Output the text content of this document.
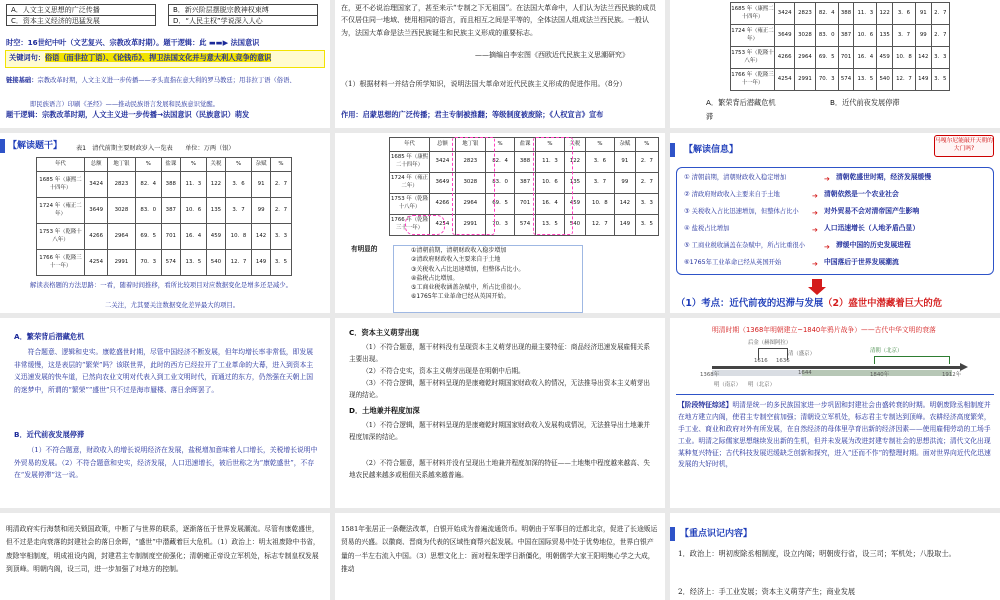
A．人文主义思想的广泛传播
C．资本主义经济的迅猛发展
B．新兴阶层摆脱宗教神权束缚
D．“人民主权”学说深入人心
时空：16世纪中叶（文艺复兴、宗教改革时期）。题干逻辑：此 ▬▬▶ 法国意识
关键词句：俗语（而非拉丁语）、《论钱币》、捍卫法国文化并与意大利人竞争的意识
链接基础：宗教改革时期，人文主义进一步传播——矛头直指在意大利的罗马教廷；用非拉丁语（俗语、
即民族语言）印刷《圣经》——推动民族语言发展和民族意识觉醒。
题干逻辑：宗教改革时期，人文主义进一步传播→法国意识（民族意识）萌发
在，更不必说治理国家了，甚至来示“专制之下无祖国”。在法国大革命中，人们认为法兰西民族的成员不仅居住同一地域、使用相同的语言，而且相互之间是平等的，全体法国人组成法兰西民族。一般认为，法国大革命是法兰西民族诞生和民族主义形成的重要标志。
——摘编自李宏图《西欧近代民族主义思潮研究》
（1）根据材料一并结合所学知识，说明法国大革命对近代民族主义形成的促进作用。（8分）
作用：启蒙思想的广泛传播；君主专制被推翻；等级制度被废除；《人权宣言》宣布
1685 年（康熙二十四年）	3424	2823	82．4	388	11．3	122	3．6	91	2．7
1724 年（雍正二年）	3649	3028	83．0	387	10．6	135	3．7	99	2．7
1753 年（乾隆十八年）	4266	2964	69．5	701	16．4	459	10．8	142	3．3
1766 年（乾隆三十一年）	4254	2991	70．3	574	13．5	540	12．7	149	3．5
A．繁荣背后潜藏危机	B．近代前夜发展停滞
滞
【解读题干】 表1　清代前期主要财政岁入一览表　　单位：万两（银）
年代	总额	地丁银	%	盐课	%	关税	%	杂赋	%
1685 年（康熙二十四年）	3424	2823	82．4	388	11．3	122	3．6	91	2．7
1724 年（雍正二年）	3649	3028	83．0	387	10．6	135	3．7	99	2．7
1753 年（乾隆十八年）	4266	2964	69．5	701	16．4	459	10．8	142	3．3
1766 年（乾隆三十一年）	4254	2991	70．3	574	13．5	540	12．7	149	3．5
解读表格题的方法思路：一看，随着时间推移，看所比较项目对应数据变化是增多还是减少。
二关注，尤其要关注数据变化差异最大的项目。
年代	总额	地丁银	%	盐课	%	关税	%	杂赋	%
1685 年（康熙二十四年）	3424	2823	82．4	388	11．3	122	3．6	91	2．7
1724 年（雍正二年）	3649	3028	83．0	387	10．6	135	3．7	99	2．7
1753 年（乾隆十八年）	4266	2964	69．5	701	16．4	459	10．8	142	3．3
1766 年（乾隆三十一年）	4254	2991	70．3	574	13．5	540	12．7	149	3．5
有明显的	①清朝前期，清朝财政收入稳步增加
②清政府财政收入主要来自于土地
③关税收入占比迅速增加，但整体占比小。
④盐税占比增加。
⑤工商业税收涵盖杂赋中，所占比重很小。
⑥1765年工业革命已经从英国开始。
【解读信息】
马嘎尔尼能敲开天朝的大门吗?
① 清朝前期，清朝财政收入稳定增加	➔ 清朝乾盛世时期，经济发展缓慢
② 清政府财政收入主要来自于土地	➔ 清朝依然是一个农业社会
③ 关税收入占比迅速增加，但整体占比小	➔ 对外贸易不会对清帝国产生影响
④ 盐税占比增加	➔ 人口迅速增长（人地矛盾凸显）
⑤ 工商业税收涵盖在杂赋中，所占比重很小	➔ 滞缓中国的历史发展进程
⑥1765年工业革命已经从英国开始	➔ 中国落后于世界发展潮流
（1）考点：近代前夜的迟滞与发展（2）盛世中潜藏着巨大的危
A．繁荣背后潜藏危机
符合题意、逻辑和史实。康乾盛世时期，尽管中国经济不断发展，但年均增长率非常低，即发展非常缓慢，这是表层的“繁荣”吗？该联世界，此时的西方已经拉开了工业革命的大幕，进入到资本主义迅速发展的快车道，已然向农业文明对代表入到工业文明时代，而通过的东方，仍然强在天朝上国的迷梦中，所谓的“繁荣”“盛世”只不过是海市蜃楼、落日余晖罢了。
B．近代前夜发展停滞
（1）不符合题意，财政收入的增长说明经济在发展，盐税增加意味着人口增长，关税增长说明中外贸易的发展。（2）不符合题意和史实，经济发展，人口迅速增长，被后世称之为“康乾盛世”，不存在“发展停滞”这一说。
C．资本主义萌芽出现
（1）不符合题意，题干材料没有呈现资本主义萌芽出现的最主要特征：商品经济迅速发展雇佣关系主要出现。
（2）不符合史实，资本主义萌芽出现是在明朝中后期。
（3）不符合逻辑，题干材料呈现的是康雍乾时期国家财政收入的情况，无法推导出资本主义萌芽出现的结论。
D．土地兼并程度加深
（1）不符合逻辑，题干材料呈现的是康雍乾时期国家财政收入发展构成情况，无法推导出土地兼并程度加深的结论。
（2）不符合题意，题干材料并没有呈现出土地兼并程度加深的特征——土地集中程度越来越高、失地农民越来越多或租佃关系越来越普遍。
明清时期（1368年明朝建立~1840年鸦片战争）——古代中华文明的衰落
后金（赫图阿拉）
清（盛京）
1616 1636
1644
1368年
明（南京） 明（北京）
清朝（北京）
1840年	1912年
【阶段特征综述】明清是统一的多民族国家进一步巩固和封建社会由盛转衰的时期。明朝废除丞相制度并在地方建立内阁，使君主专制空前加强；清朝设立军机处，标志君主专制达到顶峰。农耕经济高度繁荣，手工业、商业和政府对外有所发展，在自然经济的母体里孕育出新的经济因素——使用雇佣劳动的工场手工业。明清之际儒家思想继续发出新的生机，但并未发展为改进封建专制社会的思想洪流；清代文化出现某种复兴特征；古代科技发展迟缓缺乏创新和探究，进入“还而不作”的整理时期。面对世界向近代化迅速发展的大好时机，
明清政府实行海禁和闭关锁国政策，中断了与世界的联系，逐渐落伍于世界发展潮流。尽管有康乾盛世，但不过是走向衰落的封建社会的落日余晖，“盛世”中潜藏着巨大危机。（1）政治上：明太祖废除中书省，废除宰相制度，明成祖设内阁，封建君主专制制度空前强化；清朝雍正帝设立军机处，标志专制皇权发展到顶峰。明朝内阁，设三司，进一步加强了对地方的控制。
1581年张居正一条鞭法改革，白银开始成为普遍流通货币。明朝由于军事目的迁都北京，促进了长途贩运贸易的兴盛。以徽商、晋商为代表的区域性商帮兴起发展。中国在国际贸易中处于优势地位，世界白银产量的一半左右流入中国。（3）思想文化上：面对程朱理学日渐僵化，明朝儒学大家王阳明集心学之大成，推动
【重点识记内容】
1．政治上：明初废除丞相制度，设立内阁；明朝废行省，设三司；军机处；八股取士。
2．经济上：手工业发展；资本主义萌芽产生；商业发展
